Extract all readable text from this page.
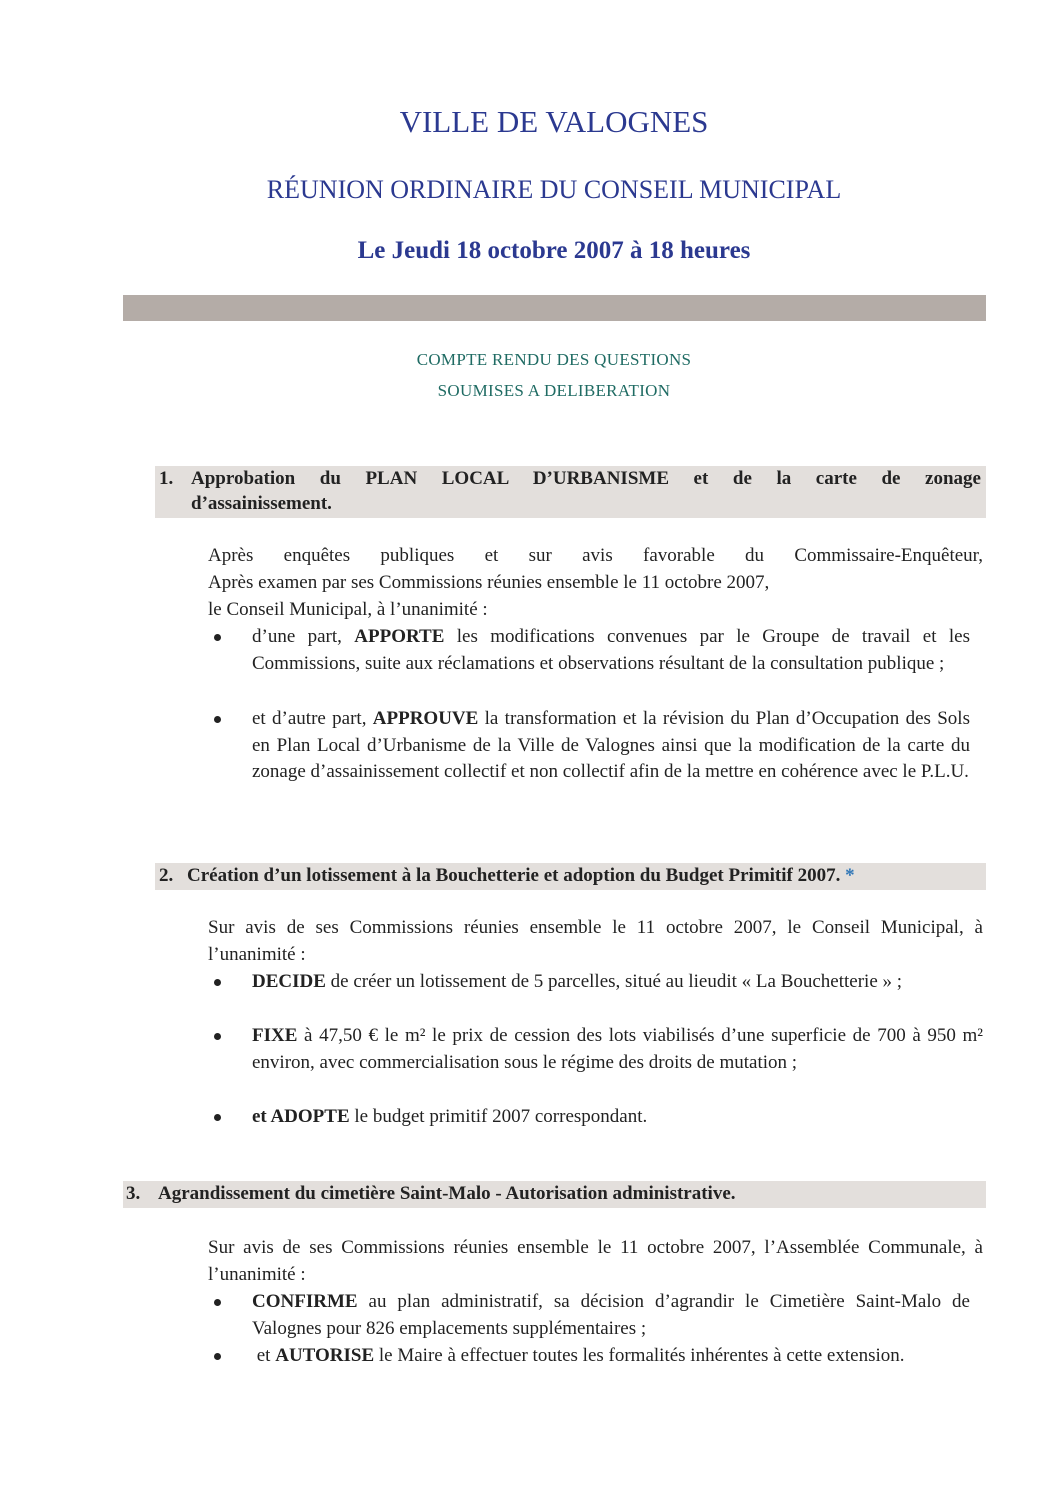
VILLE DE VALOGNES
RÉUNION ORDINAIRE DU CONSEIL MUNICIPAL
Le Jeudi 18 octobre 2007 à 18 heures
COMPTE RENDU DES QUESTIONS
SOUMISES A DELIBERATION
1. Approbation du PLAN LOCAL D’URBANISME et de la carte de zonage
d’assainissement.
Après enquêtes publiques et sur avis favorable du Commissaire-Enquêteur,
Après examen par ses Commissions réunies ensemble le 11 octobre 2007,
le Conseil Municipal, à l’unanimité :
d’une part, APPORTE les modifications convenues par le Groupe de travail et les Commissions, suite aux réclamations et observations résultant de la consultation publique ;
et d’autre part, APPROUVE la transformation et la révision du Plan d’Occupation des Sols en Plan Local d’Urbanisme de la Ville de Valognes ainsi que la modification de la carte du zonage d’assainissement collectif et non collectif afin de la mettre en cohérence avec le P.L.U.
2. Création d’un lotissement à la Bouchetterie et adoption du Budget Primitif 2007. *
Sur avis de ses Commissions réunies ensemble le 11 octobre 2007, le Conseil Municipal, à l’unanimité :
DECIDE de créer un lotissement de 5 parcelles, situé au lieudit « La Bouchetterie » ;
FIXE à 47,50 € le m² le prix de cession des lots viabilisés d’une superficie de 700 à 950 m² environ, avec commercialisation sous le régime des droits de mutation ;
et ADOPTE le budget primitif 2007 correspondant.
3. Agrandissement du cimetière Saint-Malo - Autorisation administrative.
Sur avis de ses Commissions réunies ensemble le 11 octobre 2007, l’Assemblée Communale, à l’unanimité :
CONFIRME au plan administratif, sa décision d’agrandir le Cimetière Saint-Malo de Valognes pour 826 emplacements supplémentaires ;
et AUTORISE le Maire à effectuer toutes les formalités inhérentes à cette extension.
